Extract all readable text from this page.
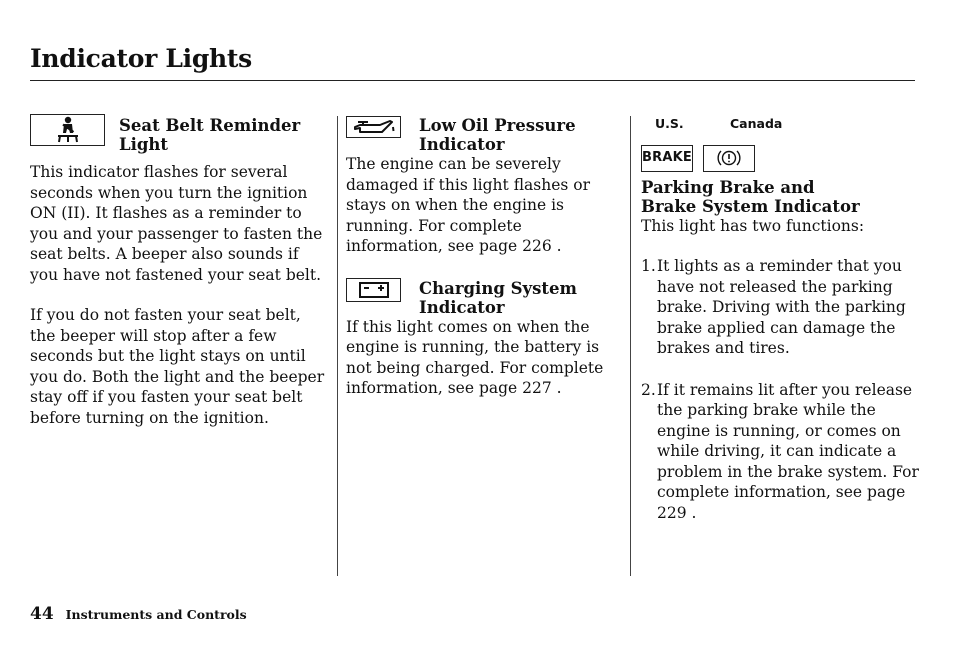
Indicator Lights
Seat Belt Reminder Light

This indicator flashes for several seconds when you turn the ignition ON (II). It flashes as a reminder to you and your passenger to fasten the seat belts. A beeper also sounds if you have not fastened your seat belt.

If you do not fasten your seat belt, the beeper will stop after a few seconds but the light stays on until you do. Both the light and the beeper stay off if you fasten your seat belt before turning on the ignition.

Low Oil Pressure
Indicator

The engine can be severely damaged if this light flashes or stays on when the engine is running. For complete information, see page 226 .

Charging System
Indicator

If this light comes on when the engine is running, the battery is not being charged. For complete information, see page 227 .

U.S.	Canada
BRAKE
Parking Brake and
Brake System Indicator

This light has two functions:

1. It lights as a reminder that you have not released the parking brake. Driving with the parking brake applied can damage the brakes and tires.
2. If it remains lit after you release the parking brake while the engine is running, or comes on while driving, it can indicate a problem in the brake system. For complete information, see page 229 .
44 Instruments and Controls
